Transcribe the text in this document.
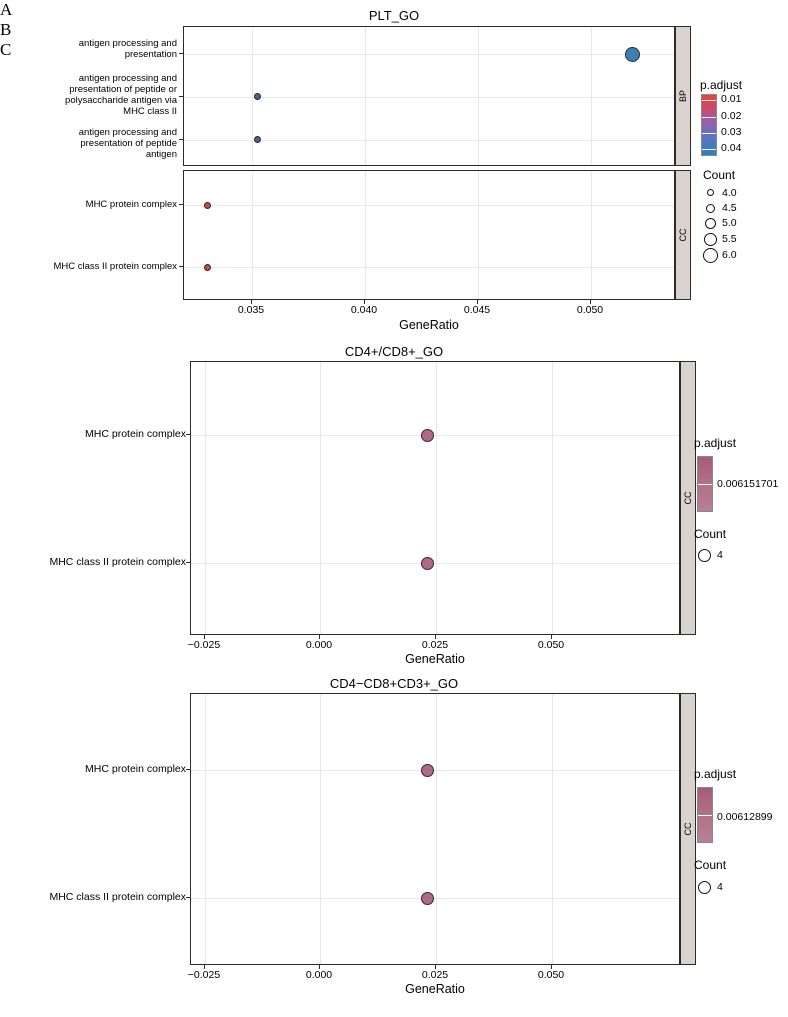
A	PLT_GO
BP
antigen processing and
presentation
antigen processing and
presentation of peptide or
polysaccharide antigen via
MHC class II
antigen processing and
presentation of peptide
antigen
CC
MHC protein complex
MHC class II protein complex
0.035	0.040	0.045	0.050
GeneRatio
p.adjust
0.01
0.02
0.03
0.04
Count
4.0
4.5
5.0
5.5
6.0
B
CD4+/CD8+_GO
CC
MHC protein complex
MHC class II protein complex
−0.025	0.000	0.025	0.050
GeneRatio
p.adjust
0.006151701
Count
4
C
CD4−CD8+CD3+_GO
CC
MHC protein complex
MHC class II protein complex
−0.025	0.000	0.025	0.050
GeneRatio
p.adjust
0.00612899
Count
4
